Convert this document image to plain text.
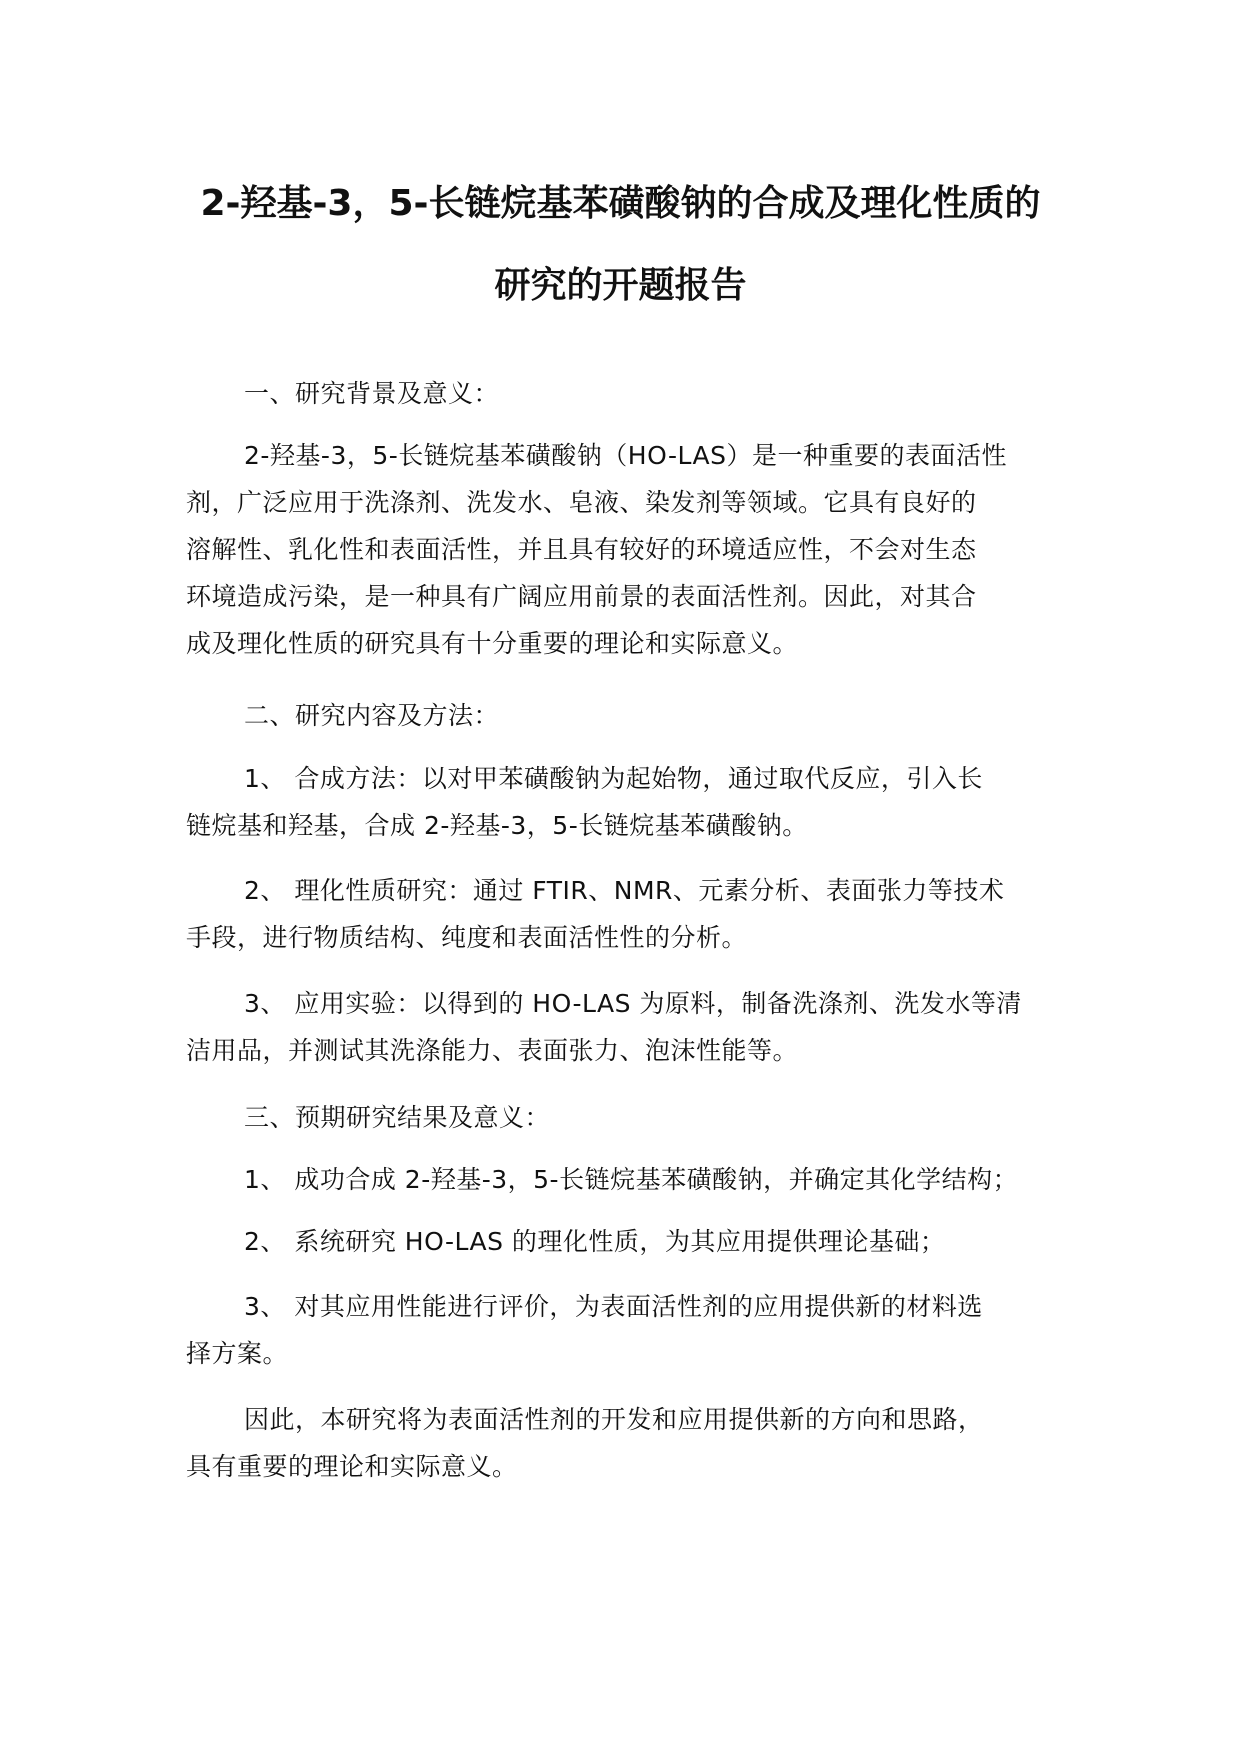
2-羟基-3，5-长链烷基苯磺酸钠的合成及理化性质的
研究的开题报告
一、研究背景及意义：
2-羟基-3，5-长链烷基苯磺酸钠（HO-LAS）是一种重要的表面活性
剂，广泛应用于洗涤剂、洗发水、皂液、染发剂等领域。它具有良好的
溶解性、乳化性和表面活性，并且具有较好的环境适应性，不会对生态
环境造成污染，是一种具有广阔应用前景的表面活性剂。因此，对其合
成及理化性质的研究具有十分重要的理论和实际意义。
二、研究内容及方法：
1、 合成方法：以对甲苯磺酸钠为起始物，通过取代反应，引入长
链烷基和羟基，合成 2-羟基-3，5-长链烷基苯磺酸钠。
2、 理化性质研究：通过 FTIR、NMR、元素分析、表面张力等技术
手段，进行物质结构、纯度和表面活性性的分析。
3、 应用实验：以得到的 HO-LAS 为原料，制备洗涤剂、洗发水等清
洁用品，并测试其洗涤能力、表面张力、泡沫性能等。
三、预期研究结果及意义：
1、 成功合成 2-羟基-3，5-长链烷基苯磺酸钠，并确定其化学结构；
2、 系统研究 HO-LAS 的理化性质，为其应用提供理论基础；
3、 对其应用性能进行评价，为表面活性剂的应用提供新的材料选
择方案。
因此，本研究将为表面活性剂的开发和应用提供新的方向和思路，
具有重要的理论和实际意义。
